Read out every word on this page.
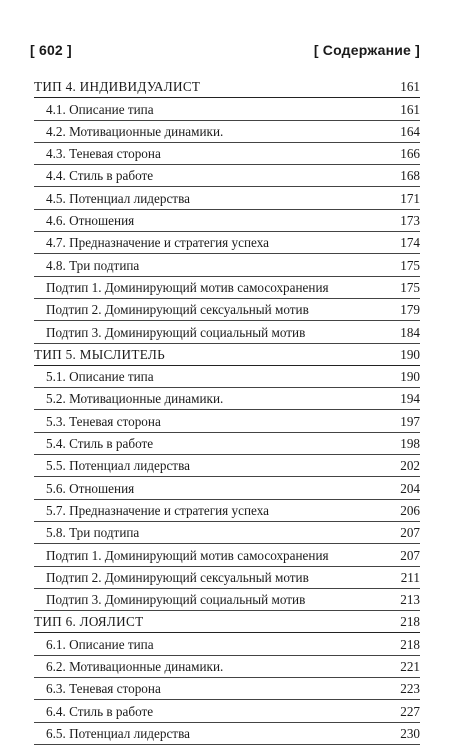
[ 602 ]	[ Содержание ]
ТИП 4. ИНДИВИДУАЛИСТ	161
4.1. Описание типа	161
4.2. Мотивационные динамики.	164
4.3. Теневая сторона	166
4.4. Стиль в работе	168
4.5. Потенциал лидерства	171
4.6. Отношения	173
4.7. Предназначение и стратегия успеха	174
4.8. Три подтипа	175
Подтип 1. Доминирующий мотив самосохранения	175
Подтип 2. Доминирующий сексуальный мотив	179
Подтип 3. Доминирующий социальный мотив	184
ТИП 5. МЫСЛИТЕЛЬ	190
5.1. Описание типа	190
5.2. Мотивационные динамики.	194
5.3. Теневая сторона	197
5.4. Стиль в работе	198
5.5. Потенциал лидерства	202
5.6. Отношения	204
5.7. Предназначение и стратегия успеха	206
5.8. Три подтипа	207
Подтип 1. Доминирующий мотив самосохранения	207
Подтип 2. Доминирующий сексуальный мотив	211
Подтип 3. Доминирующий социальный мотив	213
ТИП 6. ЛОЯЛИСТ	218
6.1. Описание типа	218
6.2. Мотивационные динамики.	221
6.3. Теневая сторона	223
6.4. Стиль в работе	227
6.5. Потенциал лидерства	230
